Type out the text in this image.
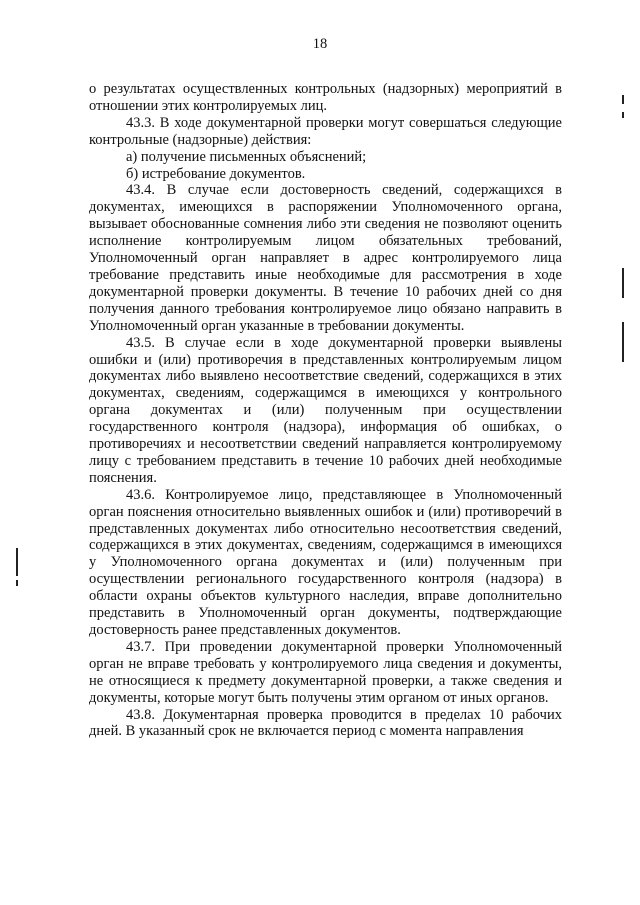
18

о результатах осуществленных контрольных (надзорных) мероприятий в отношении этих контролируемых лиц.

43.3. В ходе документарной проверки могут совершаться следующие контрольные (надзорные) действия:

а) получение письменных объяснений;

б) истребование документов.

43.4. В случае если достоверность сведений, содержащихся в документах, имеющихся в распоряжении Уполномоченного органа, вызывает обоснованные сомнения либо эти сведения не позволяют оценить исполнение контролируемым лицом обязательных требований, Уполномоченный орган направляет в адрес контролируемого лица требование представить иные необходимые для рассмотрения в ходе документарной проверки документы. В течение 10 рабочих дней со дня получения данного требования контролируемое лицо обязано направить в Уполномоченный орган указанные в требовании документы.

43.5. В случае если в ходе документарной проверки выявлены ошибки и (или) противоречия в представленных контролируемым лицом документах либо выявлено несоответствие сведений, содержащихся в этих документах, сведениям, содержащимся в имеющихся у контрольного органа документах и (или) полученным при осуществлении государственного контроля (надзора), информация об ошибках, о противоречиях и несоответствии сведений направляется контролируемому лицу с требованием представить в течение 10 рабочих дней необходимые пояснения.

43.6. Контролируемое лицо, представляющее в Уполномоченный орган пояснения относительно выявленных ошибок и (или) противоречий в представленных документах либо относительно несоответствия сведений, содержащихся в этих документах, сведениям, содержащимся в имеющихся у Уполномоченного органа документах и (или) полученным при осуществлении регионального государственного контроля (надзора) в области охраны объектов культурного наследия, вправе дополнительно представить в Уполномоченный орган документы, подтверждающие достоверность ранее представленных документов.

43.7. При проведении документарной проверки Уполномоченный орган не вправе требовать у контролируемого лица сведения и документы, не относящиеся к предмету документарной проверки, а также сведения и документы, которые могут быть получены этим органом от иных органов.

43.8. Документарная проверка проводится в пределах 10 рабочих дней. В указанный срок не включается период с момента направления
